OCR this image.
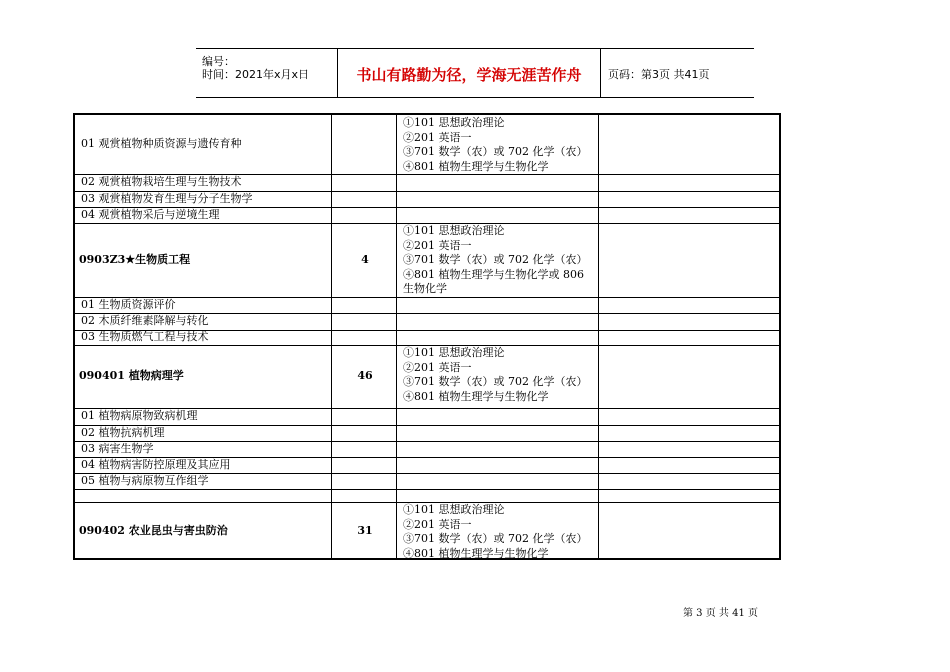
编号：
时间：2021年x月x日	书山有路勤为径，学海无涯苦作舟	页码：第3页 共41页
01 观赏植物种质资源与遗传育种
①101 思想政治理论
②201 英语一
③701 数学（农）或 702 化学（农）
④801 植物生理学与生物化学
02 观赏植物栽培生理与生物技术
03 观赏植物发育生理与分子生物学
04 观赏植物采后与逆境生理
0903Z3★生物质工程	4
①101 思想政治理论
②201 英语一
③701 数学（农）或 702 化学（农）
④801 植物生理学与生物化学或 806
生物化学
01 生物质资源评价
02 木质纤维素降解与转化
03 生物质燃气工程与技术
090401 植物病理学	46
①101 思想政治理论
②201 英语一
③701 数学（农）或 702 化学（农）
④801 植物生理学与生物化学
01 植物病原物致病机理
02 植物抗病机理
03 病害生物学
04 植物病害防控原理及其应用
05 植物与病原物互作组学
090402 农业昆虫与害虫防治	31
①101 思想政治理论
②201 英语一
③701 数学（农）或 702 化学（农）
④801 植物生理学与生物化学
第 3 页 共 41 页
